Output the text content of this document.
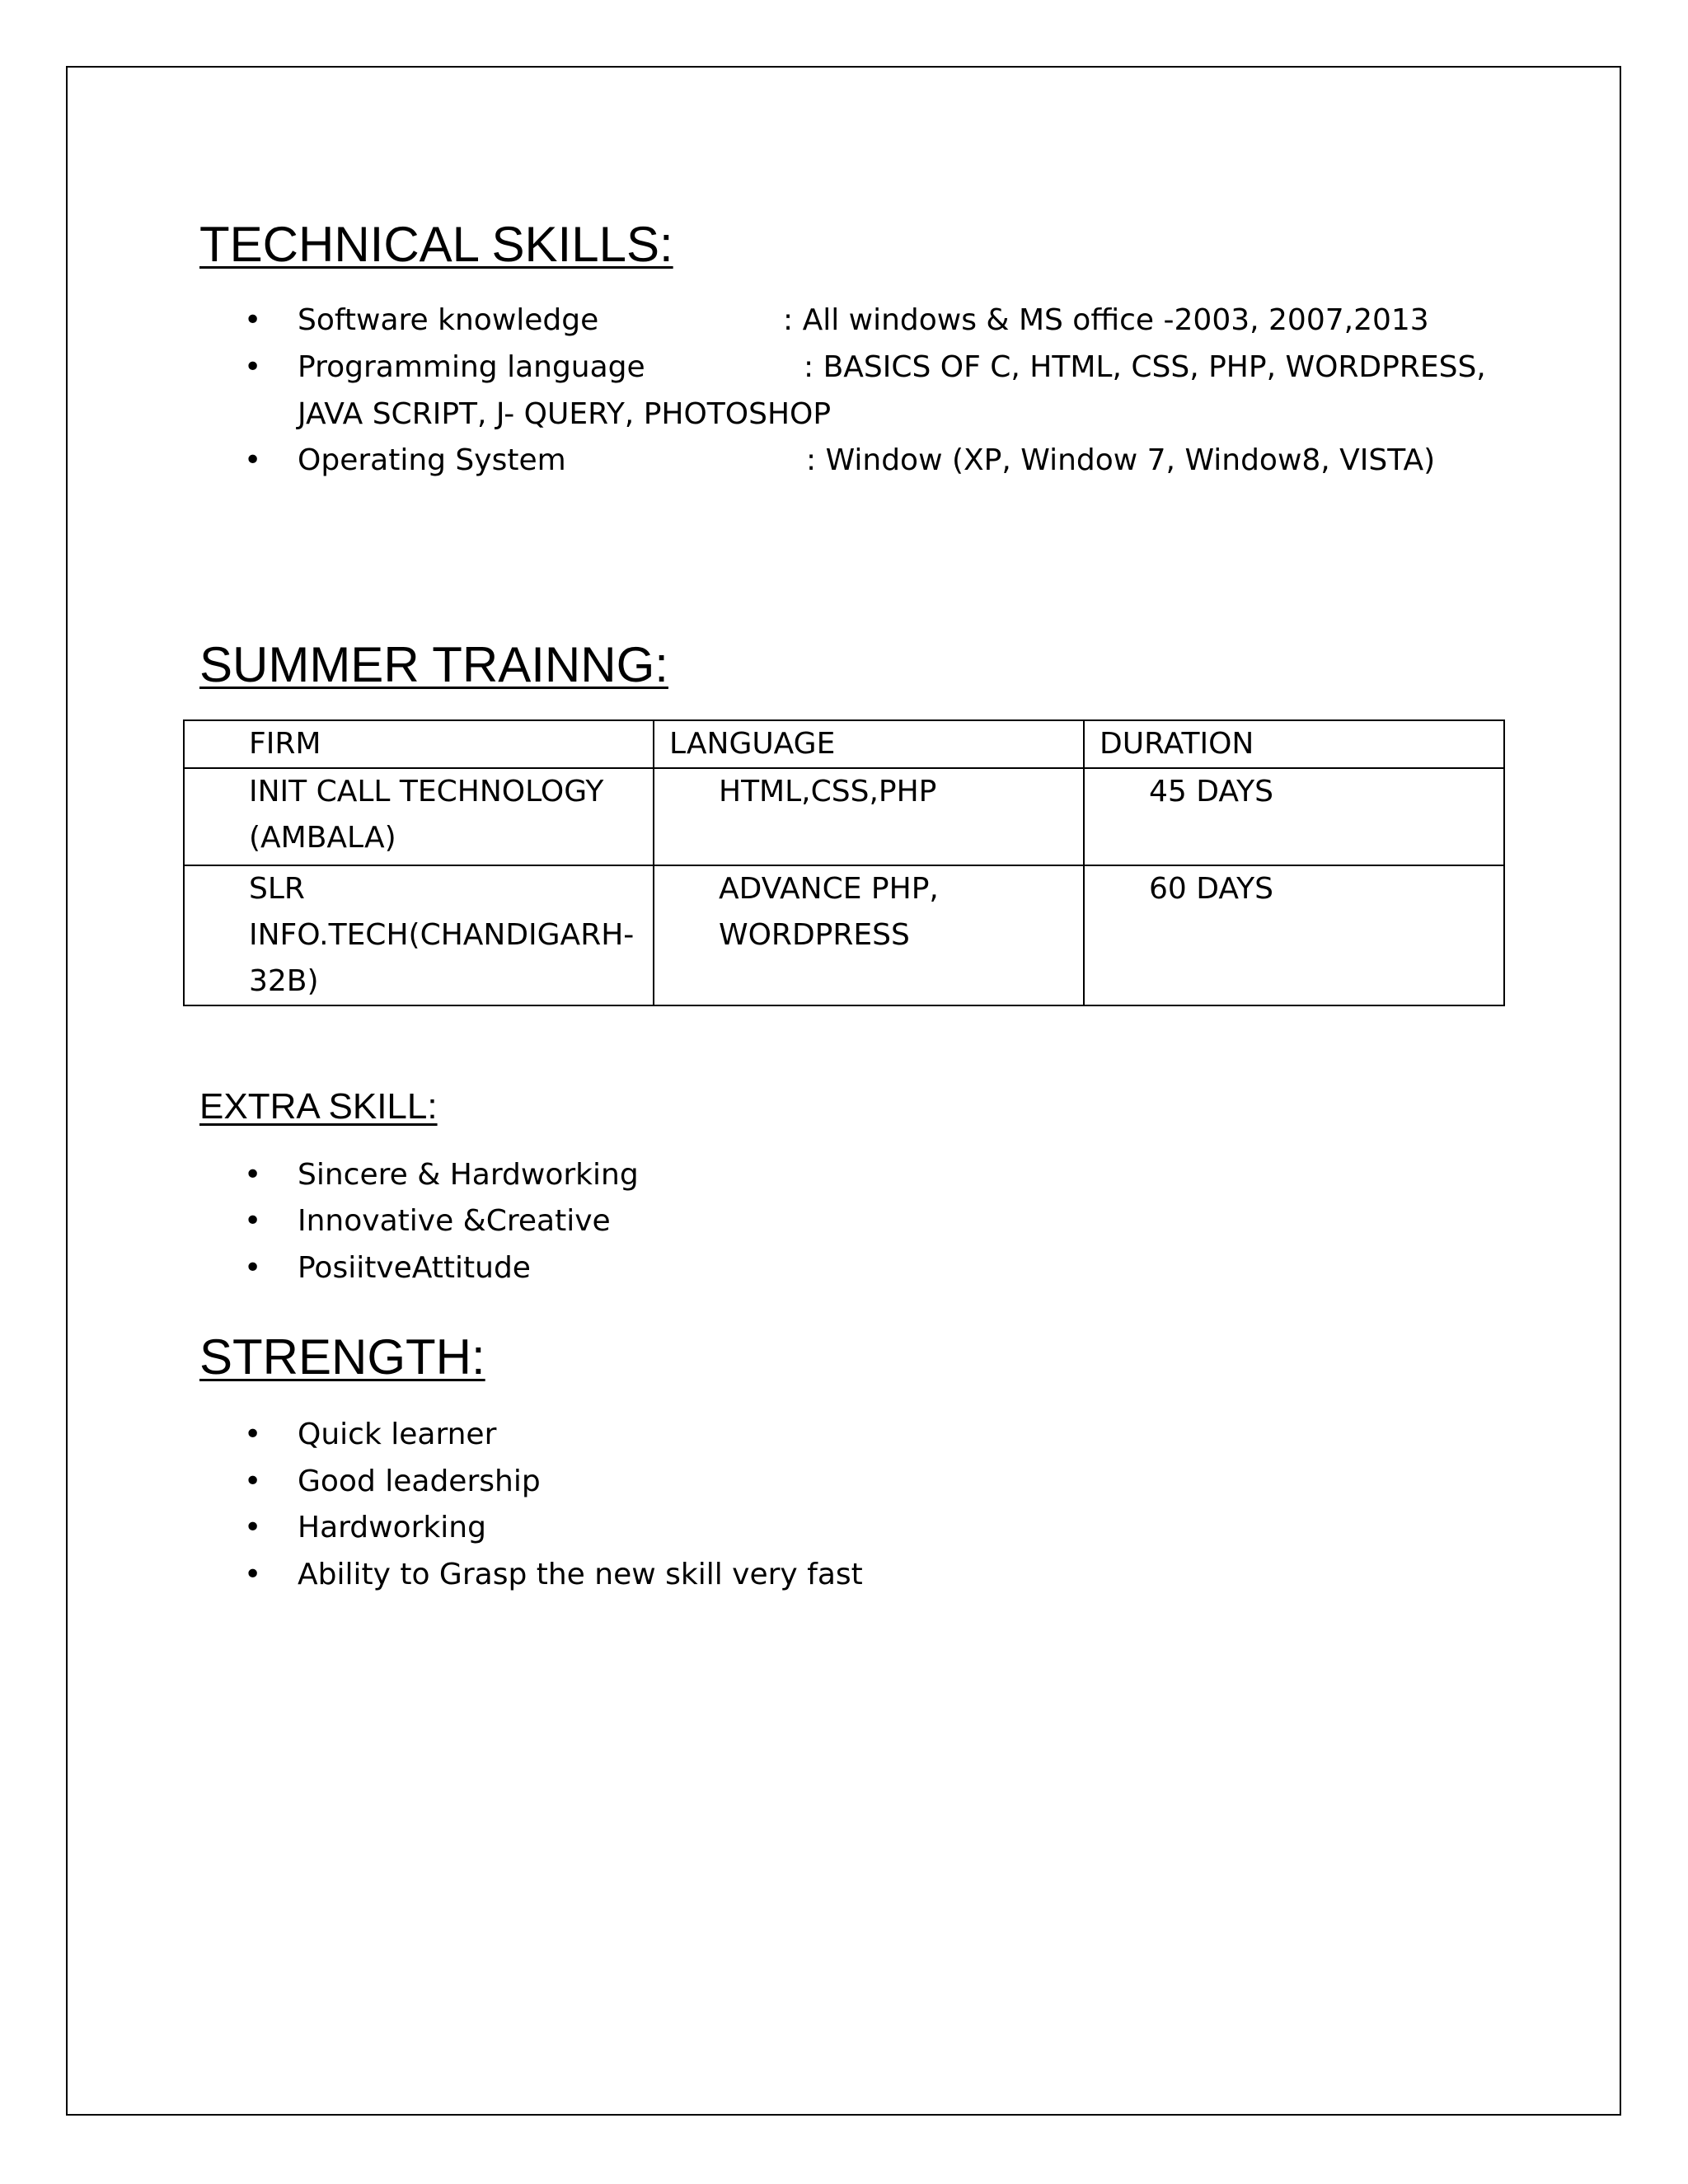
TECHNICAL SKILLS:
• Software knowledge	: All windows & MS office -2003, 2007,2013
• Programming language	: BASICS OF C, HTML, CSS, PHP, WORDPRESS,
JAVA SCRIPT, J- QUERY, PHOTOSHOP
• Operating System	: Window (XP, Window 7, Window8, VISTA)
SUMMER TRAINNG:
FIRM	LANGUAGE	DURATION

INIT CALL TECHNOLOGY
(AMBALA)	HTML,CSS,PHP	45 DAYS

SLR
INFO.TECH(CHANDIGARH-
32B)	ADVANCE PHP,
WORDPRESS	60 DAYS
EXTRA SKILL:
• Sincere & Hardworking
• Innovative &Creative
• PosiitveAttitude
STRENGTH:
• Quick learner
• Good leadership
• Hardworking
• Ability to Grasp the new skill very fast
